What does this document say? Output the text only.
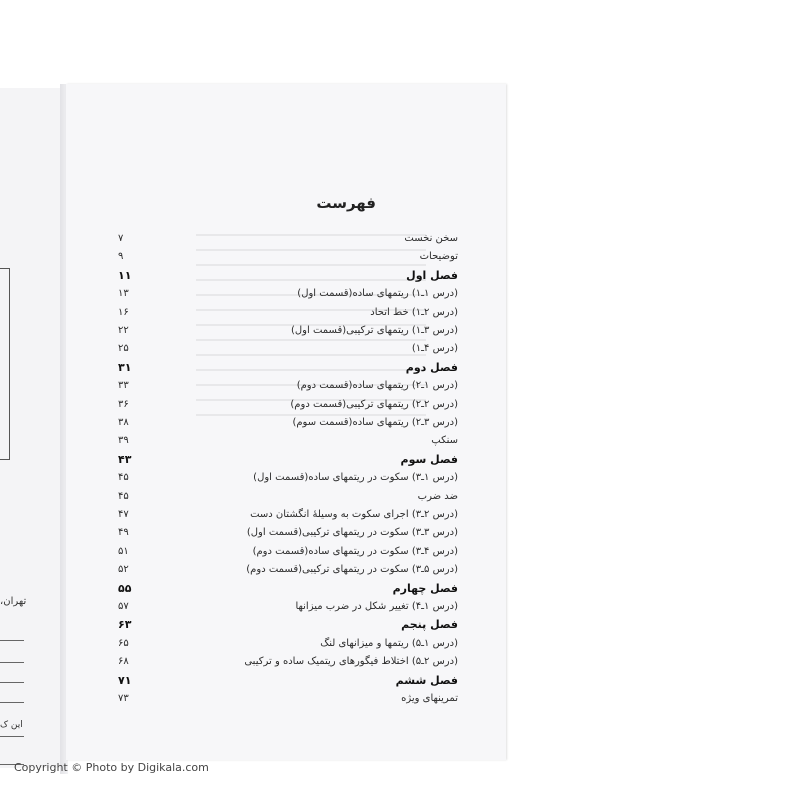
تهران،
این ک
فهرست
سخن نخست
۷
توضیحات
۹
فصل اول
۱۱
(درس ۱ـ۱) ریتمهای ساده(قسمت اول)
۱۳
(درس ۲ـ۱) خط اتحاد
۱۶
(درس ۳ـ۱) ریتمهای ترکیبی(قسمت اول)
۲۲
(درس ۴ـ۱)
۲۵
فصل دوم
۳۱
(درس ۱ـ۲) ریتمهای ساده(قسمت دوم)
۳۳
(درس ۲ـ۲) ریتمهای ترکیبی(قسمت دوم)
۳۶
(درس ۳ـ۲) ریتمهای ساده(قسمت سوم)
۳۸
سنکپ
۳۹
فصل سوم
۴۳
(درس ۱ـ۳) سکوت در ریتمهای ساده(قسمت اول)
۴۵
ضد ضرب
۴۵
(درس ۲ـ۳) اجرای سکوت به وسیلهٔ انگشتان دست
۴۷
(درس ۳ـ۳) سکوت در ریتمهای ترکیبی(قسمت اول)
۴۹
(درس ۴ـ۳) سکوت در ریتمهای ساده(قسمت دوم)
۵۱
(درس ۵ـ۳) سکوت در ریتمهای ترکیبی(قسمت دوم)
۵۲
فصل چهارم
۵۵
(درس ۱ـ۴) تغییر شکل در ضرب میزانها
۵۷
فصل پنجم
۶۳
(درس ۱ـ۵) ریتمها و میزانهای لنگ
۶۵
(درس ۲ـ۵) اختلاط فیگورهای ریتمیک ساده و ترکیبی
۶۸
فصل ششم
۷۱
تمرینهای ویژه
۷۳
Copyright © Photo by Digikala.com
